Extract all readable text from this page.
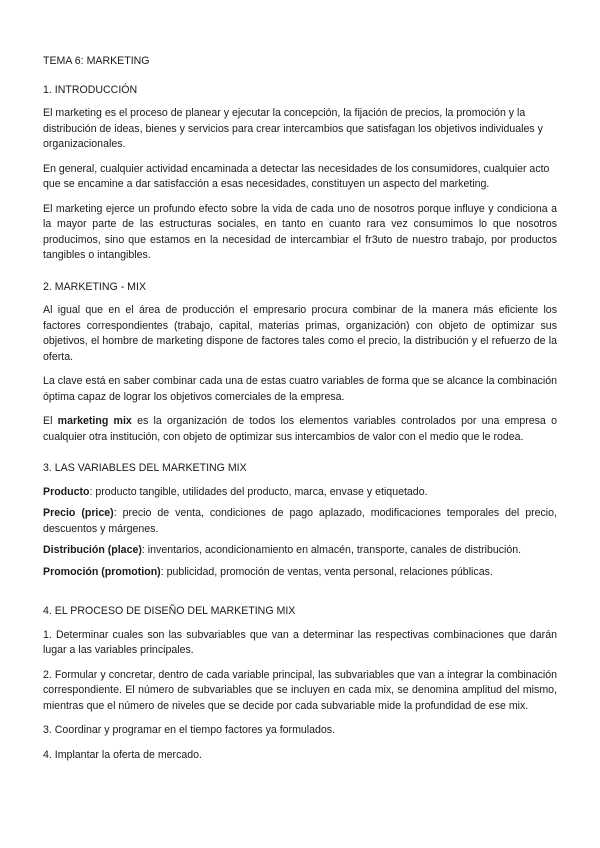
TEMA 6: MARKETING
1. INTRODUCCIÓN

El marketing es el proceso de planear y ejecutar la concepción, la fijación de precios, la promoción y la distribución de ideas, bienes y servicios para crear intercambios que satisfagan los objetivos individuales y organizacionales.

En general, cualquier actividad encaminada a detectar las necesidades de los consumidores, cualquier acto que se encamine a dar satisfacción a esas necesidades, constituyen un aspecto del marketing.

El marketing ejerce un profundo efecto sobre la vida de cada uno de nosotros porque influye y condiciona a la mayor parte de las estructuras sociales, en tanto en cuanto rara vez consumimos lo que nosotros producimos, sino que estamos en la necesidad de intercambiar el fr3uto de nuestro trabajo, por productos tangibles o intangibles.

2. MARKETING - MIX

Al igual que en el área de producción el empresario procura combinar de la manera más eficiente los factores correspondientes (trabajo, capital, materias primas, organización) con objeto de optimizar sus objetivos, el hombre de marketing dispone de factores tales como el precio, la distribución y el refuerzo de la oferta.

La clave está en saber combinar cada una de estas cuatro variables de forma que se alcance la combinación óptima capaz de lograr los objetivos comerciales de la empresa.

El marketing mix es la organización de todos los elementos variables controlados por una empresa o cualquier otra institución, con objeto de optimizar sus intercambios de valor con el medio que le rodea.

3. LAS VARIABLES DEL MARKETING MIX
Producto: producto tangible, utilidades del producto, marca, envase y etiquetado.
Precio (price): precio de venta, condiciones de pago aplazado, modificaciones temporales del precio, descuentos y márgenes.
Distribución (place): inventarios, acondicionamiento en almacén, transporte, canales de distribución.
Promoción (promotion): publicidad, promoción de ventas, venta personal, relaciones públicas.
4. EL PROCESO DE DISEÑO DEL MARKETING MIX

1. Determinar cuales son las subvariables que van a determinar las respectivas combinaciones que darán lugar a las variables principales.

2. Formular y concretar, dentro de cada variable principal, las subvariables que van a integrar la combinación correspondiente. El número de subvariables que se incluyen en cada mix, se denomina amplitud del mismo, mientras que el número de niveles que se decide por cada subvariable mide la profundidad de ese mix.

3. Coordinar y programar en el tiempo factores ya formulados.

4. Implantar la oferta de mercado.
